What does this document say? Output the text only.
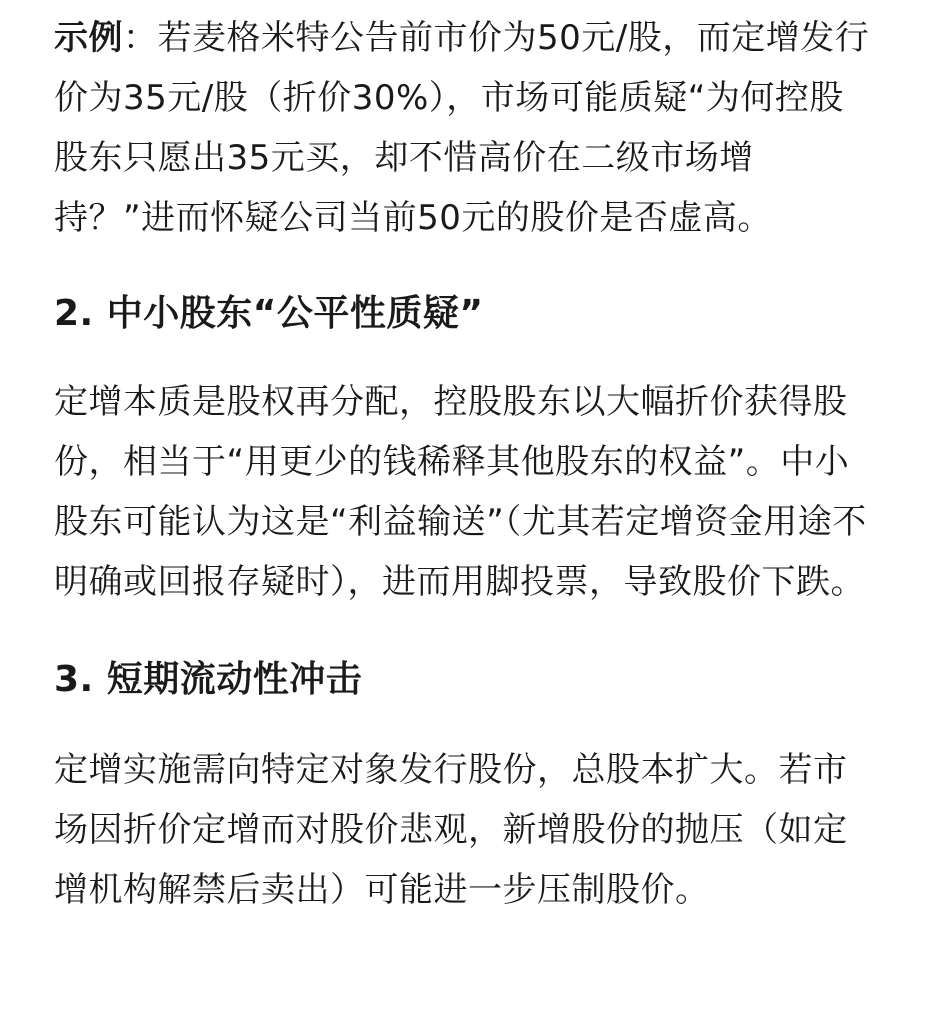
示例：若麦格米特公告前市价为50元/股，而定增发行价为35元/股（折价30%），市场可能质疑“为何控股股东只愿出35元买，却不惜高价在二级市场增持？”进而怀疑公司当前50元的股价是否虚高。

2. 中小股东“公平性质疑”

定增本质是股权再分配，控股股东以大幅折价获得股份，相当于“用更少的钱稀释其他股东的权益”。中小股东可能认为这是“利益输送”（尤其若定增资金用途不明确或回报存疑时），进而用脚投票，导致股价下跌。

3. 短期流动性冲击

定增实施需向特定对象发行股份，总股本扩大。若市场因折价定增而对股价悲观，新增股份的抛压（如定增机构解禁后卖出）可能进一步压制股价。
